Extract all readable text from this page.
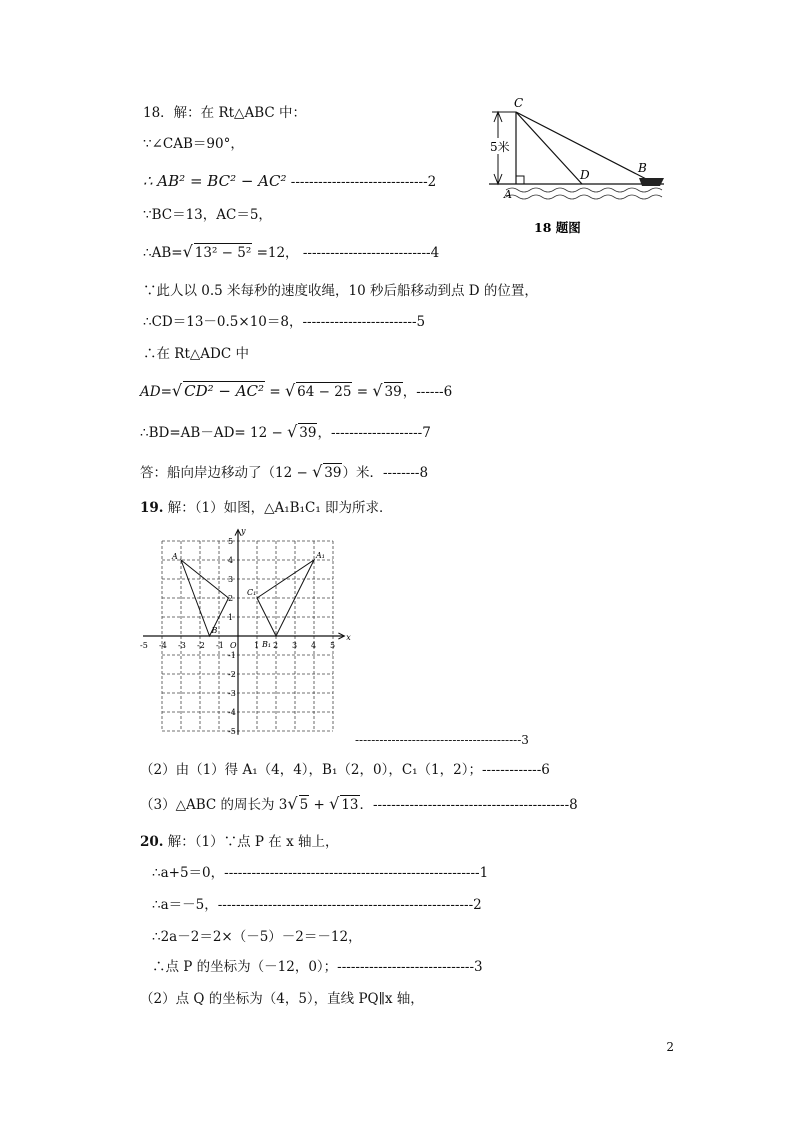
18．解：在 Rt△ABC 中：
∵∠CAB＝90°，
∴ AB² = BC² − AC² ------------------------------2
∵BC＝13，AC＝5，
∴AB=√ 13² − 5² =12， ----------------------------4
∵此人以 0.5 米每秒的速度收绳，10 秒后船移动到点 D 的位置，
∴CD＝13－0.5×10＝8，-------------------------5
∴在 Rt△ADC 中
AD=√ CD² − AC² = √ 64 − 25 = √ 39，------6
∴BD=AB－AD= 12 − √ 39，--------------------7
答：船向岸边移动了（12 − √ 39）米．--------8
5米
C
A
D	B
18 题图
19. 解：（1）如图，△A₁B₁C₁ 即为所求．
-5 -4 -3 -2 -1	1 2 3 4 5
5
4
3
2
1
-1
-2
-3
-4
-5
x
y
O
A
B
C₁
A₁
B₁
-----------------------------------------3
（2）由（1）得 A₁（4，4），B₁（2，0），C₁（1，2）；-------------6
（3）△ABC 的周长为 3√ 5 + √ 13．-------------------------------------------8
20. 解：（1）∵点 P 在 x 轴上，
∴a+5＝0，--------------------------------------------------------1
∴a＝－5，--------------------------------------------------------2
∴2a－2＝2×（－5）－2＝－12，
∴点 P 的坐标为（－12，0）；------------------------------3
（2）点 Q 的坐标为（4，5），直线 PQ∥x 轴，
2
